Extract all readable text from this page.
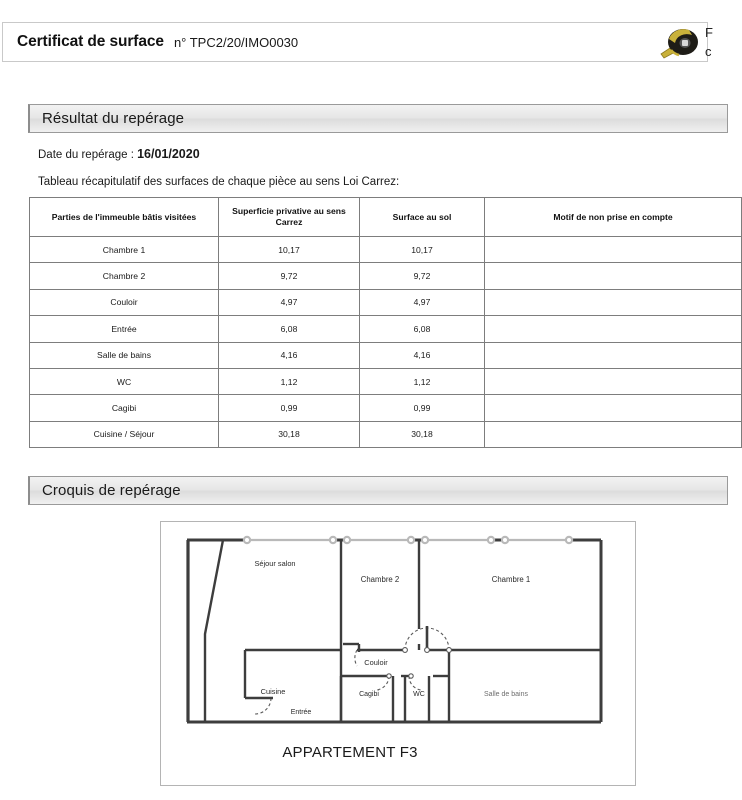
Certificat de surface n° TPC2/20/IMO0030
F
c
Résultat du repérage
Date du repérage : 16/01/2020
Tableau récapitulatif des surfaces de chaque pièce au sens Loi Carrez:
Parties de l'immeuble bâtis visitées	Superficie privative au sens Carrez	Surface au sol	Motif de non prise en compte
Chambre 1	10,17	10,17	
Chambre 2	9,72	9,72	
Couloir	4,97	4,97	
Entrée	6,08	6,08	
Salle de bains	4,16	4,16	
WC	1,12	1,12	
Cagibi	0,99	0,99	
Cuisine / Séjour	30,18	30,18	
Croquis de repérage
Séjour salon
Chambre 2	Chambre 1
Couloir
Cagibi	WC	Salle de bains
Cuisine
Entrée
APPARTEMENT F3
